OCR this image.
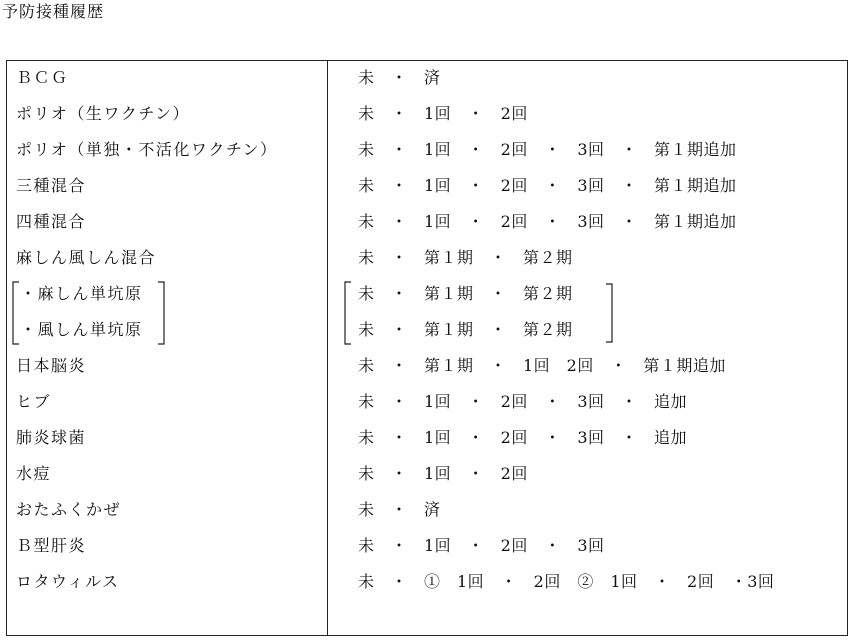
予防接種履歴
ＢＣＧ	未　・　済
ポリオ（生ワクチン）	未　・　1回　・　2回
ポリオ（単独・不活化ワクチン）	未　・　1回　・　2回　・　3回　・　第１期追加
三種混合	未　・　1回　・　2回　・　3回　・　第１期追加
四種混合	未　・　1回　・　2回　・　3回　・　第１期追加
麻しん風しん混合	未　・　第１期　・　第２期
・麻しん単坑原	未　・　第１期　・　第２期
・風しん単坑原	未　・　第１期　・　第２期
日本脳炎	未　・　第１期　・　1回　2回　・　第１期追加
ヒブ	未　・　1回　・　2回　・　3回　・　追加
肺炎球菌	未　・　1回　・　2回　・　3回　・　追加
水痘	未　・　1回　・　2回
おたふくかぜ	未　・　済
Ｂ型肝炎	未　・　1回　・　2回　・　3回
ロタウィルス	未　・　①　1回　・　2回　②　1回　・　2回　・3回
